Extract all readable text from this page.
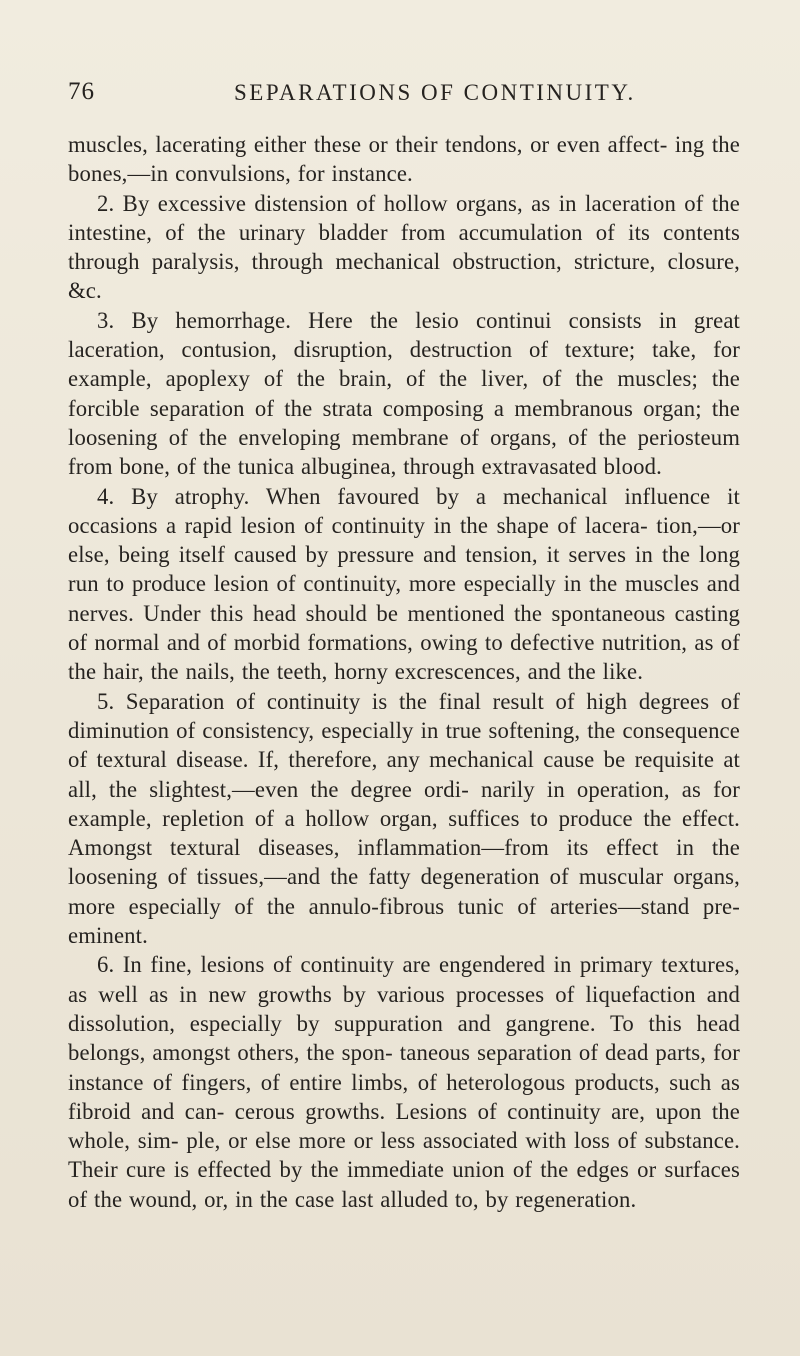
76	SEPARATIONS OF CONTINUITY.

muscles, lacerating either these or their tendons, or even affect- ing the bones,—in convulsions, for instance.

2. By excessive distension of hollow organs, as in laceration of the intestine, of the urinary bladder from accumulation of its contents through paralysis, through mechanical obstruction, stricture, closure, &c.

3. By hemorrhage. Here the lesio continui consists in great laceration, contusion, disruption, destruction of texture; take, for example, apoplexy of the brain, of the liver, of the muscles; the forcible separation of the strata composing a membranous organ; the loosening of the enveloping membrane of organs, of the periosteum from bone, of the tunica albuginea, through extravasated blood.

4. By atrophy. When favoured by a mechanical influence it occasions a rapid lesion of continuity in the shape of lacera- tion,—or else, being itself caused by pressure and tension, it serves in the long run to produce lesion of continuity, more especially in the muscles and nerves. Under this head should be mentioned the spontaneous casting of normal and of morbid formations, owing to defective nutrition, as of the hair, the nails, the teeth, horny excrescences, and the like.

5. Separation of continuity is the final result of high degrees of diminution of consistency, especially in true softening, the consequence of textural disease. If, therefore, any mechanical cause be requisite at all, the slightest,—even the degree ordi- narily in operation, as for example, repletion of a hollow organ, suffices to produce the effect. Amongst textural diseases, inflammation—from its effect in the loosening of tissues,—and the fatty degeneration of muscular organs, more especially of the annulo-fibrous tunic of arteries—stand pre-eminent.

6. In fine, lesions of continuity are engendered in primary textures, as well as in new growths by various processes of liquefaction and dissolution, especially by suppuration and gangrene. To this head belongs, amongst others, the spon- taneous separation of dead parts, for instance of fingers, of entire limbs, of heterologous products, such as fibroid and can- cerous growths. Lesions of continuity are, upon the whole, sim- ple, or else more or less associated with loss of substance. Their cure is effected by the immediate union of the edges or surfaces of the wound, or, in the case last alluded to, by regeneration.
